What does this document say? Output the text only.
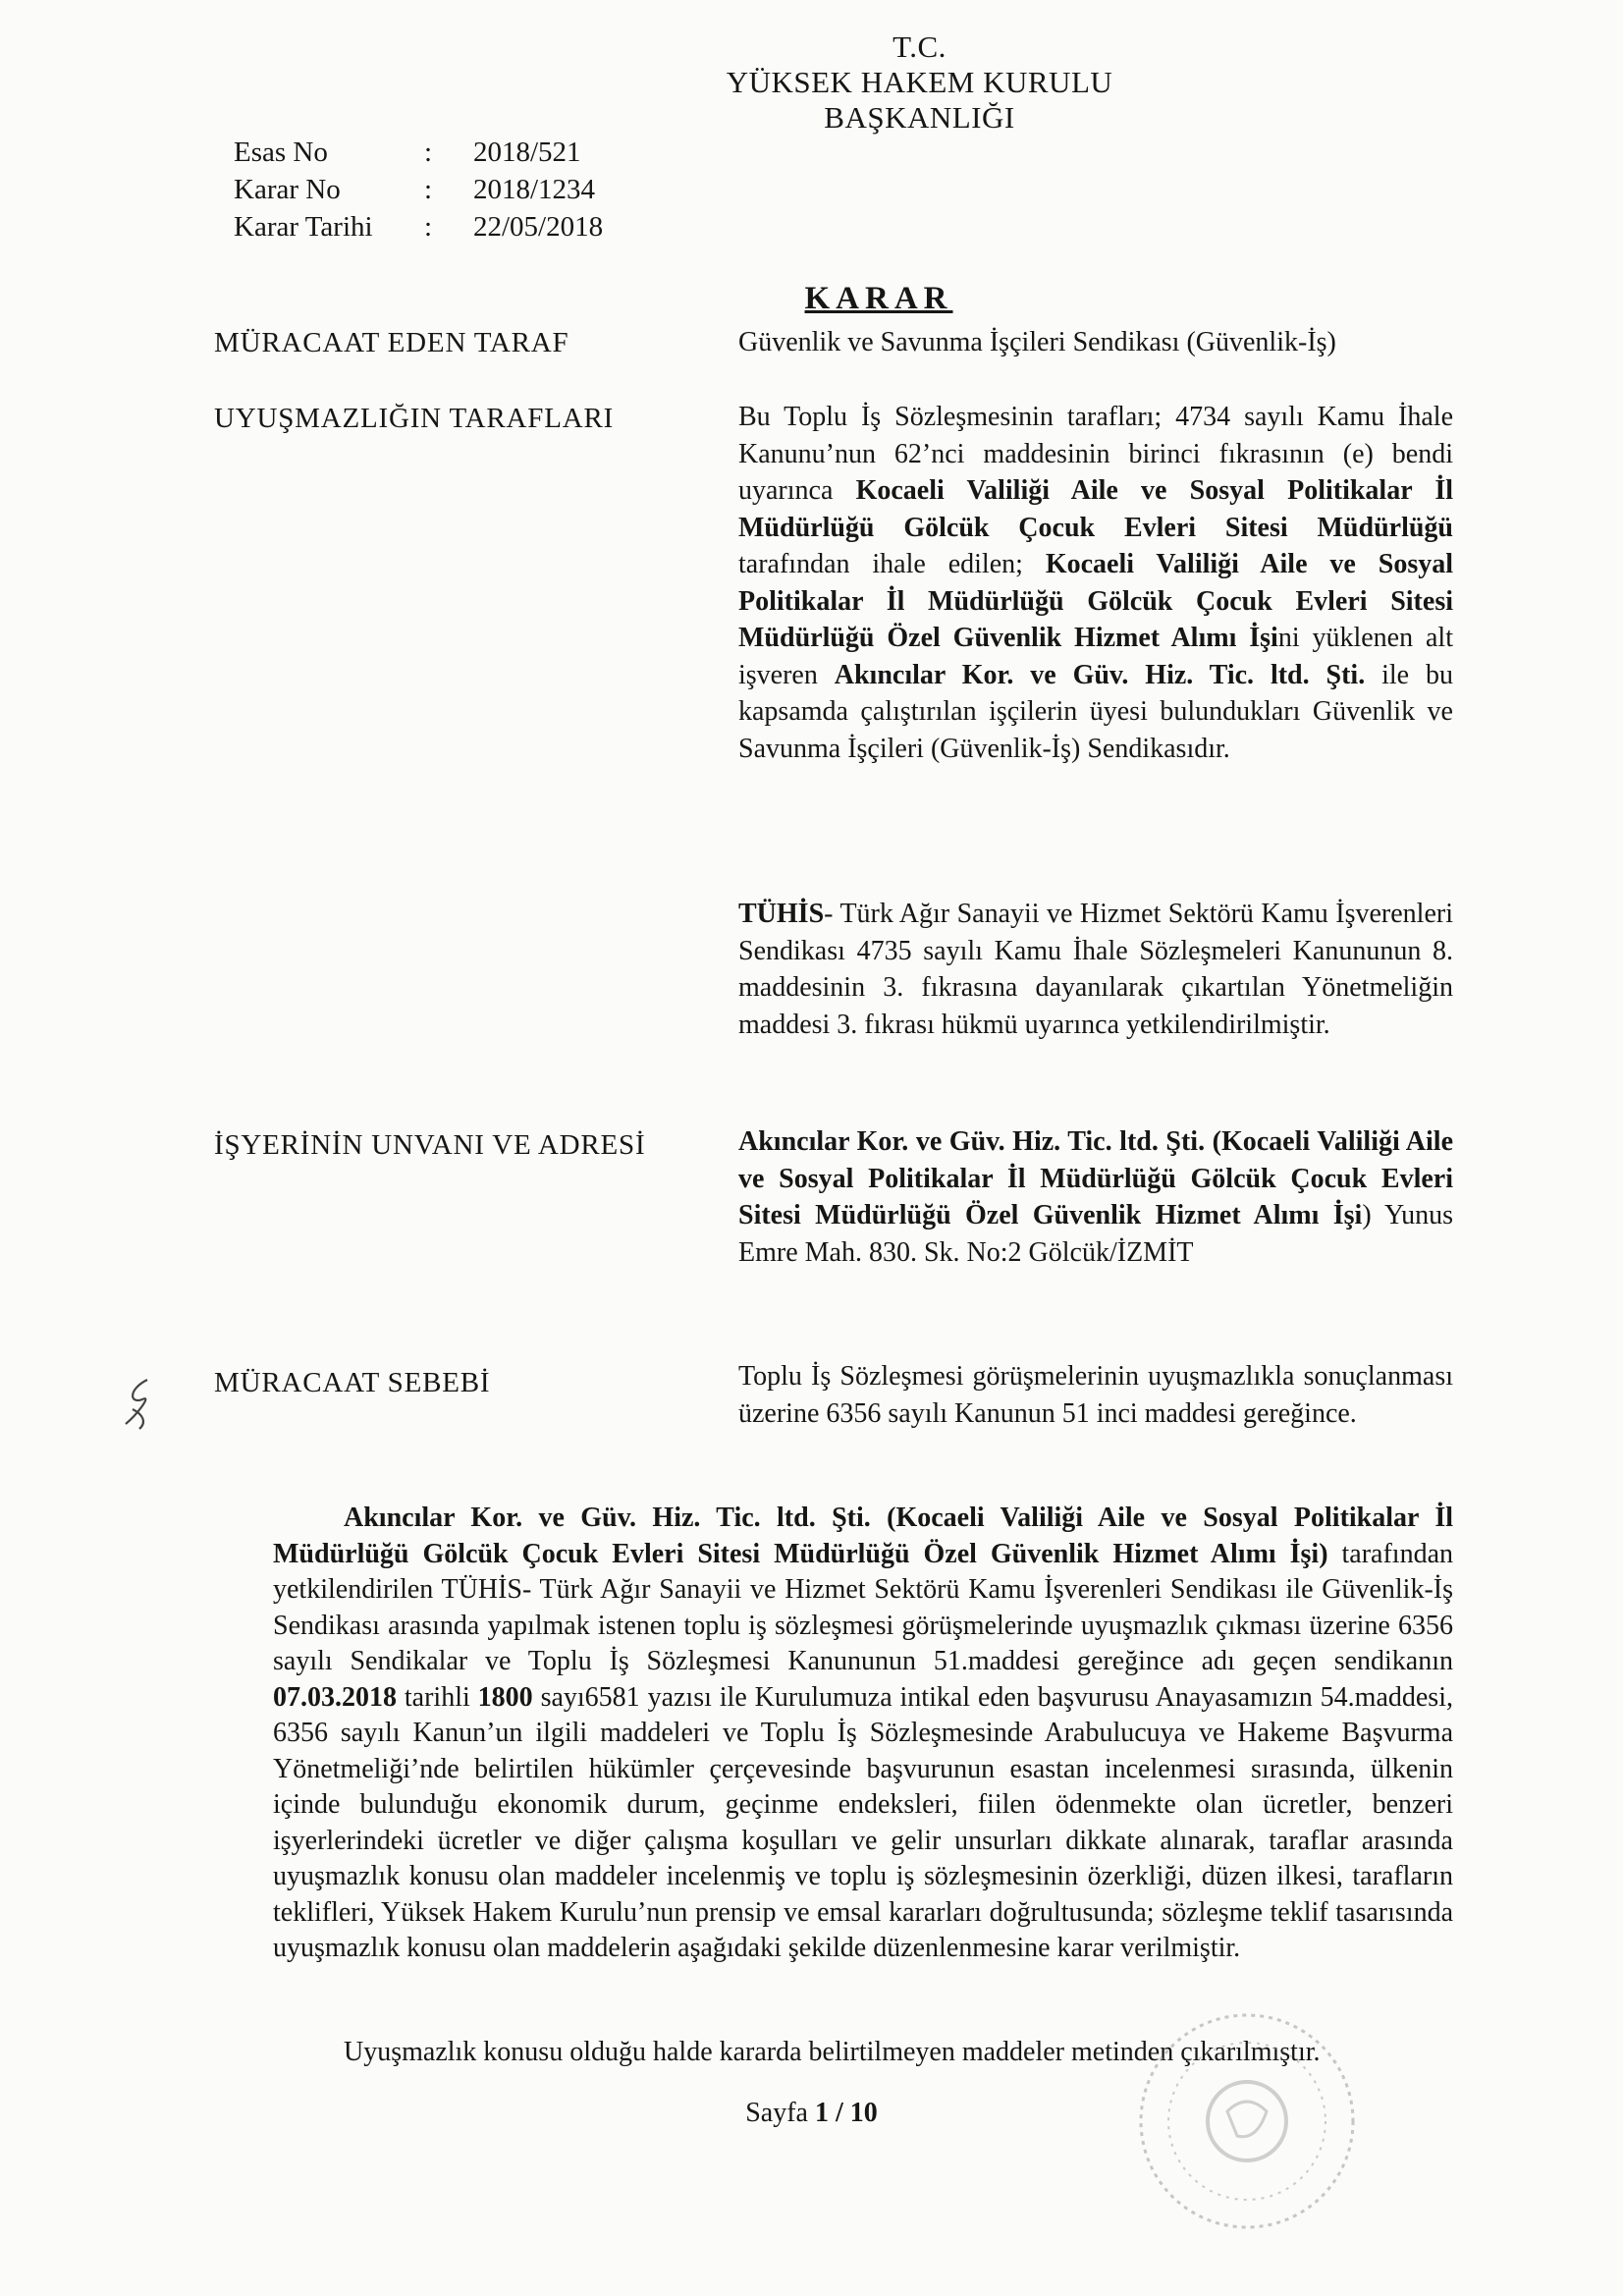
T.C.
YÜKSEK HAKEM KURULU
BAŞKANLIĞI
Esas No	:	2018/521
Karar No	:	2018/1234
Karar Tarihi	:	22/05/2018
KARAR
MÜRACAAT EDEN TARAF	Güvenlik ve Savunma İşçileri Sendikası (Güvenlik-İş)
UYUŞMAZLIĞIN TARAFLARI	Bu Toplu İş Sözleşmesinin tarafları; 4734 sayılı Kamu İhale Kanunu’nun 62’nci maddesinin birinci fıkrasının (e) bendi uyarınca Kocaeli Valiliği Aile ve Sosyal Politikalar İl Müdürlüğü Gölcük Çocuk Evleri Sitesi Müdürlüğü tarafından ihale edilen; Kocaeli Valiliği Aile ve Sosyal Politikalar İl Müdürlüğü Gölcük Çocuk Evleri Sitesi Müdürlüğü Özel Güvenlik Hizmet Alımı İşini yüklenen alt işveren Akıncılar Kor. ve Güv. Hiz. Tic. ltd. Şti. ile bu kapsamda çalıştırılan işçilerin üyesi bulundukları Güvenlik ve Savunma İşçileri (Güvenlik-İş) Sendikasıdır.
TÜHİS- Türk Ağır Sanayii ve Hizmet Sektörü Kamu İşverenleri Sendikası 4735 sayılı Kamu İhale Sözleşmeleri Kanununun 8. maddesinin 3. fıkrasına dayanılarak çıkartılan Yönetmeliğin maddesi 3. fıkrası hükmü uyarınca yetkilendirilmiştir.
İŞYERİNİN UNVANI VE ADRESİ	Akıncılar Kor. ve Güv. Hiz. Tic. ltd. Şti. (Kocaeli Valiliği Aile ve Sosyal Politikalar İl Müdürlüğü Gölcük Çocuk Evleri Sitesi Müdürlüğü Özel Güvenlik Hizmet Alımı İşi) Yunus Emre Mah. 830. Sk. No:2 Gölcük/İZMİT
MÜRACAAT SEBEBİ	Toplu İş Sözleşmesi görüşmelerinin uyuşmazlıkla sonuçlanması üzerine 6356 sayılı Kanunun 51 inci maddesi gereğince.
Akıncılar Kor. ve Güv. Hiz. Tic. ltd. Şti. (Kocaeli Valiliği Aile ve Sosyal Politikalar İl Müdürlüğü Gölcük Çocuk Evleri Sitesi Müdürlüğü Özel Güvenlik Hizmet Alımı İşi) tarafından yetkilendirilen TÜHİS- Türk Ağır Sanayii ve Hizmet Sektörü Kamu İşverenleri Sendikası ile Güvenlik-İş Sendikası arasında yapılmak istenen toplu iş sözleşmesi görüşmelerinde uyuşmazlık çıkması üzerine 6356 sayılı Sendikalar ve Toplu İş Sözleşmesi Kanununun 51.maddesi gereğince adı geçen sendikanın 07.03.2018 tarihli 1800 sayı6581 yazısı ile Kurulumuza intikal eden başvurusu Anayasamızın 54.maddesi, 6356 sayılı Kanun’un ilgili maddeleri ve Toplu İş Sözleşmesinde Arabulucuya ve Hakeme Başvurma Yönetmeliği’nde belirtilen hükümler çerçevesinde başvurunun esastan incelenmesi sırasında, ülkenin içinde bulunduğu ekonomik durum, geçinme endeksleri, fiilen ödenmekte olan ücretler, benzeri işyerlerindeki ücretler ve diğer çalışma koşulları ve gelir unsurları dikkate alınarak, taraflar arasında uyuşmazlık konusu olan maddeler incelenmiş ve toplu iş sözleşmesinin özerkliği, düzen ilkesi, tarafların teklifleri, Yüksek Hakem Kurulu’nun prensip ve emsal kararları doğrultusunda; sözleşme teklif tasarısında uyuşmazlık konusu olan maddelerin aşağıdaki şekilde düzenlenmesine karar verilmiştir.
Uyuşmazlık konusu olduğu halde kararda belirtilmeyen maddeler metinden çıkarılmıştır.
Sayfa 1 / 10
